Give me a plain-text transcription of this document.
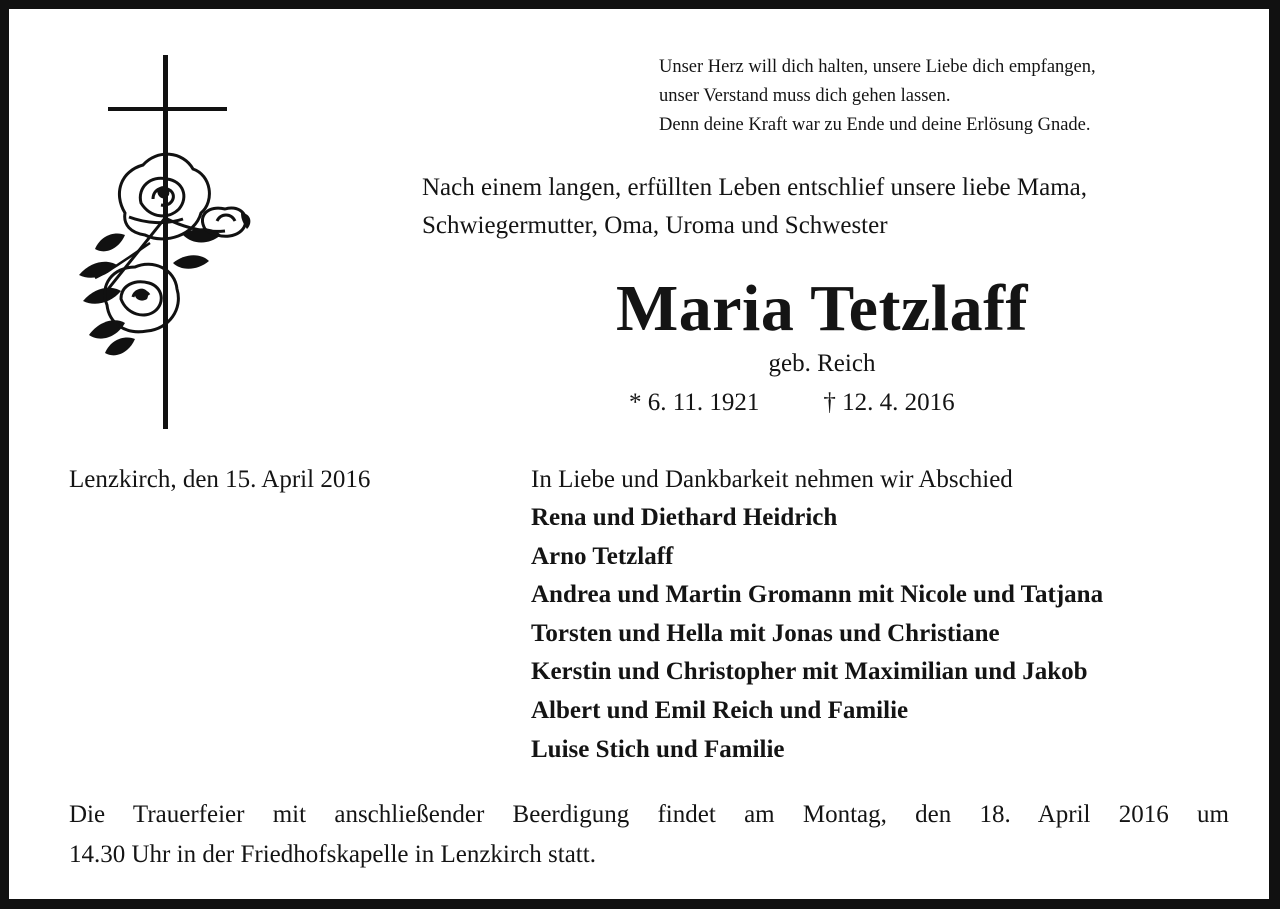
Unser Herz will dich halten, unsere Liebe dich empfangen,
unser Verstand muss dich gehen lassen.
Denn deine Kraft war zu Ende und deine Erlösung Gnade.
Nach einem langen, erfüllten Leben entschlief unsere liebe Mama,
Schwiegermutter, Oma, Uroma und Schwester
Maria Tetzlaff
geb. Reich
* 6. 11. 1921	† 12. 4. 2016
Lenzkirch, den 15. April 2016	In Liebe und Dankbarkeit nehmen wir Abschied
Rena und Diethard Heidrich
Arno Tetzlaff
Andrea und Martin Gromann mit Nicole und Tatjana
Torsten und Hella mit Jonas und Christiane
Kerstin und Christopher mit Maximilian und Jakob
Albert und Emil Reich und Familie
Luise Stich und Familie
Die Trauerfeier mit anschließender Beerdigung findet am Montag, den 18. April 2016 um
14.30 Uhr in der Friedhofskapelle in Lenzkirch statt.
